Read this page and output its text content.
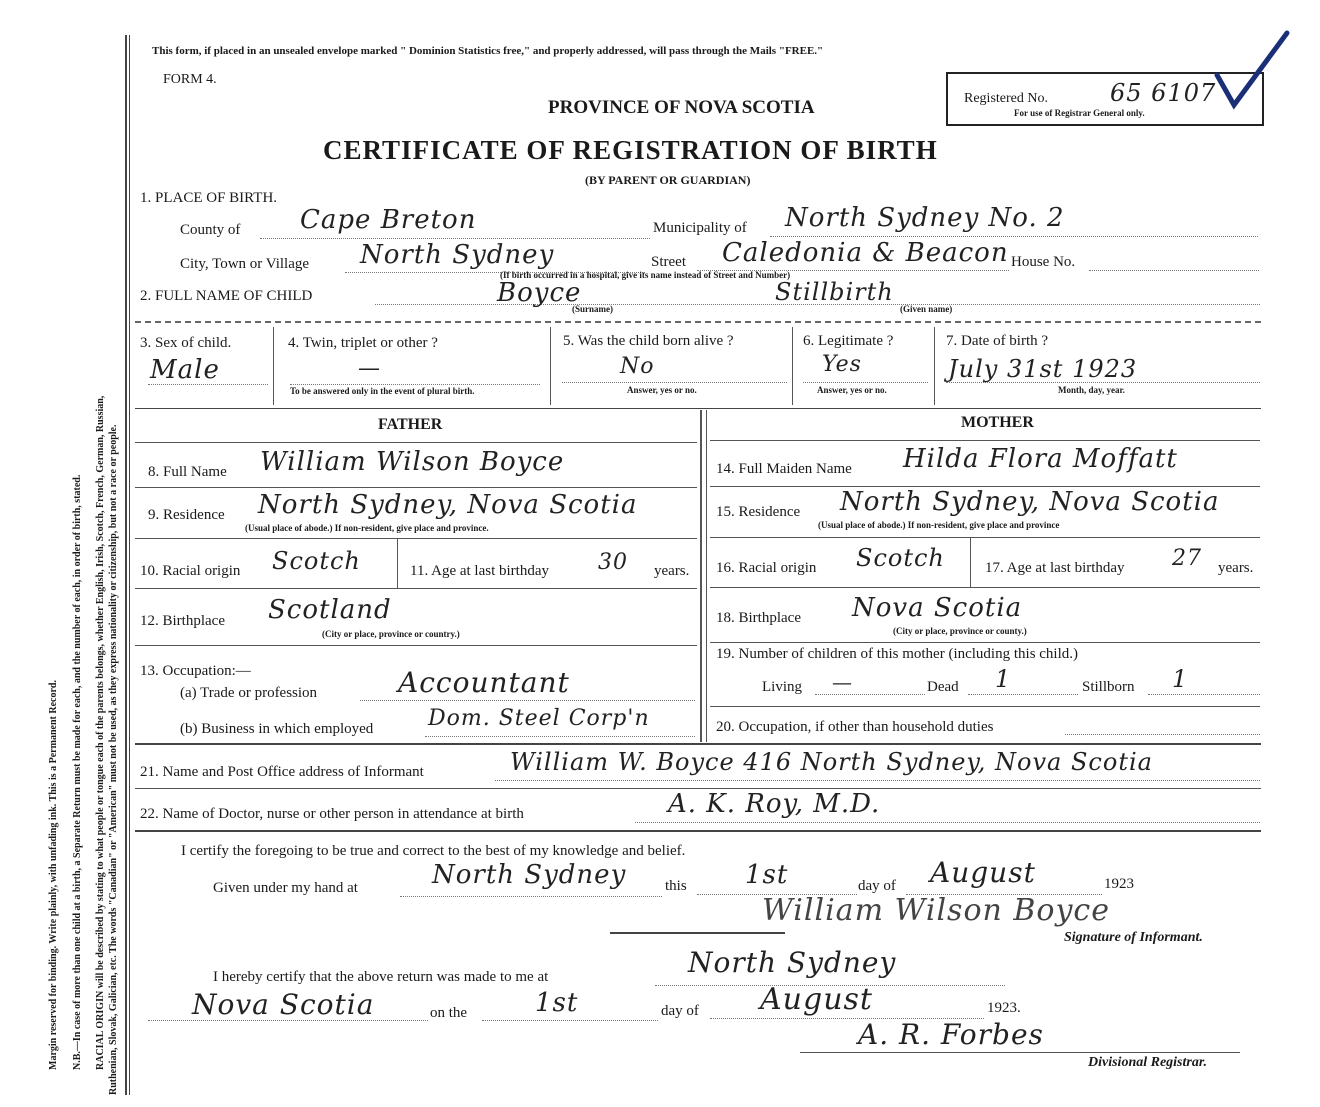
Margin reserved for binding. Write plainly, with unfading ink. This is a Permanent Record. N.B.—In case of more than one child at a birth, a Separate Return must be made for each, and the number of each, in order of birth, stated. RACIAL ORIGIN will be described by stating to what people or tongue each of the parents belongs, whether English, Irish, Scotch, French, German, Russian, Ruthenian, Slovak, Galician, etc. The words "Canadian" or "American" must not be used, as they express nationality or citizenship, but not a race or people.
This form, if placed in an unsealed envelope marked " Dominion Statistics free," and properly addressed, will pass through the Mails "FREE."
FORM 4.
PROVINCE OF NOVA SCOTIA
CERTIFICATE OF REGISTRATION OF BIRTH
(BY PARENT OR GUARDIAN)
Registered No.	65 6107
For use of Registrar General only.
1. PLACE OF BIRTH.
County of Cape Breton	Municipality of North Sydney No. 2
City, Town or Village North Sydney	Street Caledonia & Beacon House No.
(If birth occurred in a hospital, give its name instead of Street and Number)
2. FULL NAME OF CHILD	Boyce	Stillbirth
(Surname)	(Given name)
3. Sex of child.
Male
4. Twin, triplet or other ?
—
To be answered only in the event of plural birth.
5. Was the child born alive ?
No
Answer, yes or no.
6. Legitimate ?
Yes
Answer, yes or no.
7. Date of birth ?
July 31st 1923
Month, day, year.
FATHER	MOTHER
8. Full Name William Wilson Boyce
9. Residence North Sydney, Nova Scotia
(Usual place of abode.) If non-resident, give place and province.
10. Racial origin Scotch	11. Age at last birthday 30 years.
12. Birthplace Scotland
(City or place, province or country.)
13. Occupation:—
(a) Trade or profession	Accountant
(b) Business in which employed Dom. Steel Corp'n
14. Full Maiden Name Hilda Flora Moffatt
15. Residence North Sydney, Nova Scotia
(Usual place of abode.) If non-resident, give place and province
16. Racial origin Scotch	17. Age at last birthday 27 years.
18. Birthplace Nova Scotia
(City or place, province or county.)
19. Number of children of this mother (including this child.)
Living —	Dead 1	Stillborn 1
20. Occupation, if other than household duties
21. Name and Post Office address of Informant	William W. Boyce 416 North Sydney, Nova Scotia
22. Name of Doctor, nurse or other person in attendance at birth	A. K. Roy, M.D.
I certify the foregoing to be true and correct to the best of my knowledge and belief.
Given under my hand at	North Sydney	this 1st	day of August	1923
William Wilson Boyce
Signature of Informant.
I hereby certify that the above return was made to me at	North Sydney
Nova Scotia	on the	1st	day of August	1923.
A. R. Forbes
Divisional Registrar.
